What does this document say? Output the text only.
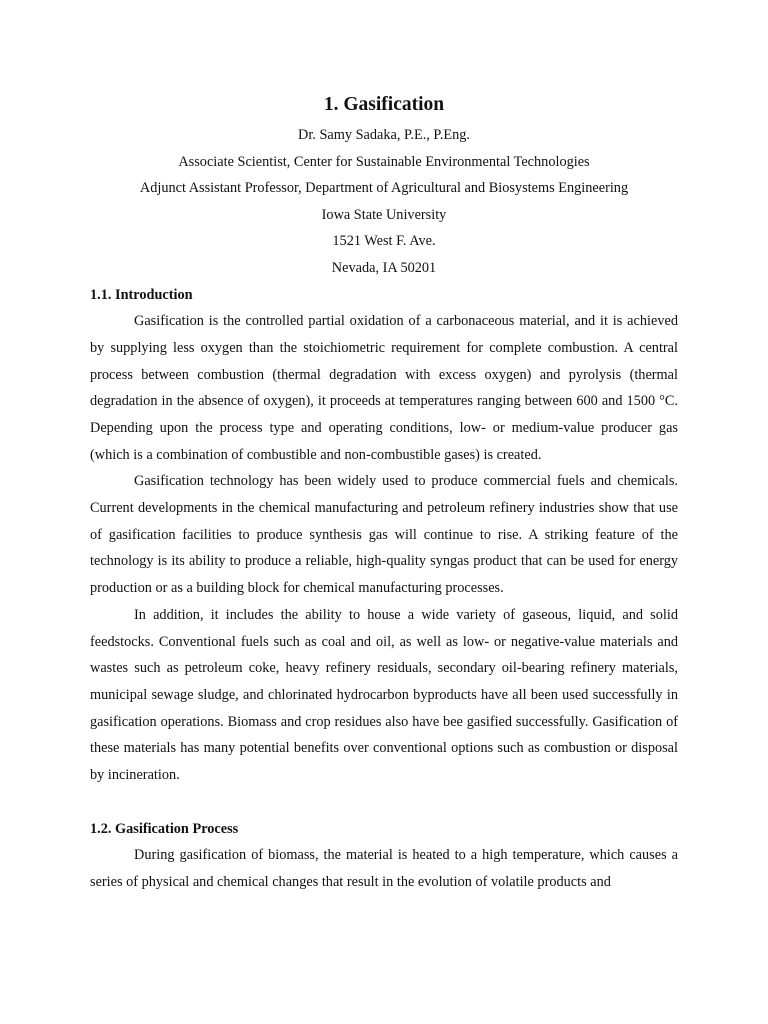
1. Gasification
Dr. Samy Sadaka, P.E., P.Eng.
Associate Scientist, Center for Sustainable Environmental Technologies
Adjunct Assistant Professor, Department of Agricultural and Biosystems Engineering
Iowa State University
1521 West F. Ave.
Nevada, IA 50201
1.1. Introduction

Gasification is the controlled partial oxidation of a carbonaceous material, and it is achieved by supplying less oxygen than the stoichiometric requirement for complete combustion. A central process between combustion (thermal degradation with excess oxygen) and pyrolysis (thermal degradation in the absence of oxygen), it proceeds at temperatures ranging between 600 and 1500 °C. Depending upon the process type and operating conditions, low- or medium-value producer gas (which is a combination of combustible and non-combustible gases) is created.

Gasification technology has been widely used to produce commercial fuels and chemicals. Current developments in the chemical manufacturing and petroleum refinery industries show that use of gasification facilities to produce synthesis gas will continue to rise. A striking feature of the technology is its ability to produce a reliable, high-quality syngas product that can be used for energy production or as a building block for chemical manufacturing processes.

In addition, it includes the ability to house a wide variety of gaseous, liquid, and solid feedstocks. Conventional fuels such as coal and oil, as well as low- or negative-value materials and wastes such as petroleum coke, heavy refinery residuals, secondary oil-bearing refinery materials, municipal sewage sludge, and chlorinated hydrocarbon byproducts have all been used successfully in gasification operations. Biomass and crop residues also have bee gasified successfully. Gasification of these materials has many potential benefits over conventional options such as combustion or disposal by incineration.

1.2. Gasification Process

During gasification of biomass, the material is heated to a high temperature, which causes a series of physical and chemical changes that result in the evolution of volatile products and
